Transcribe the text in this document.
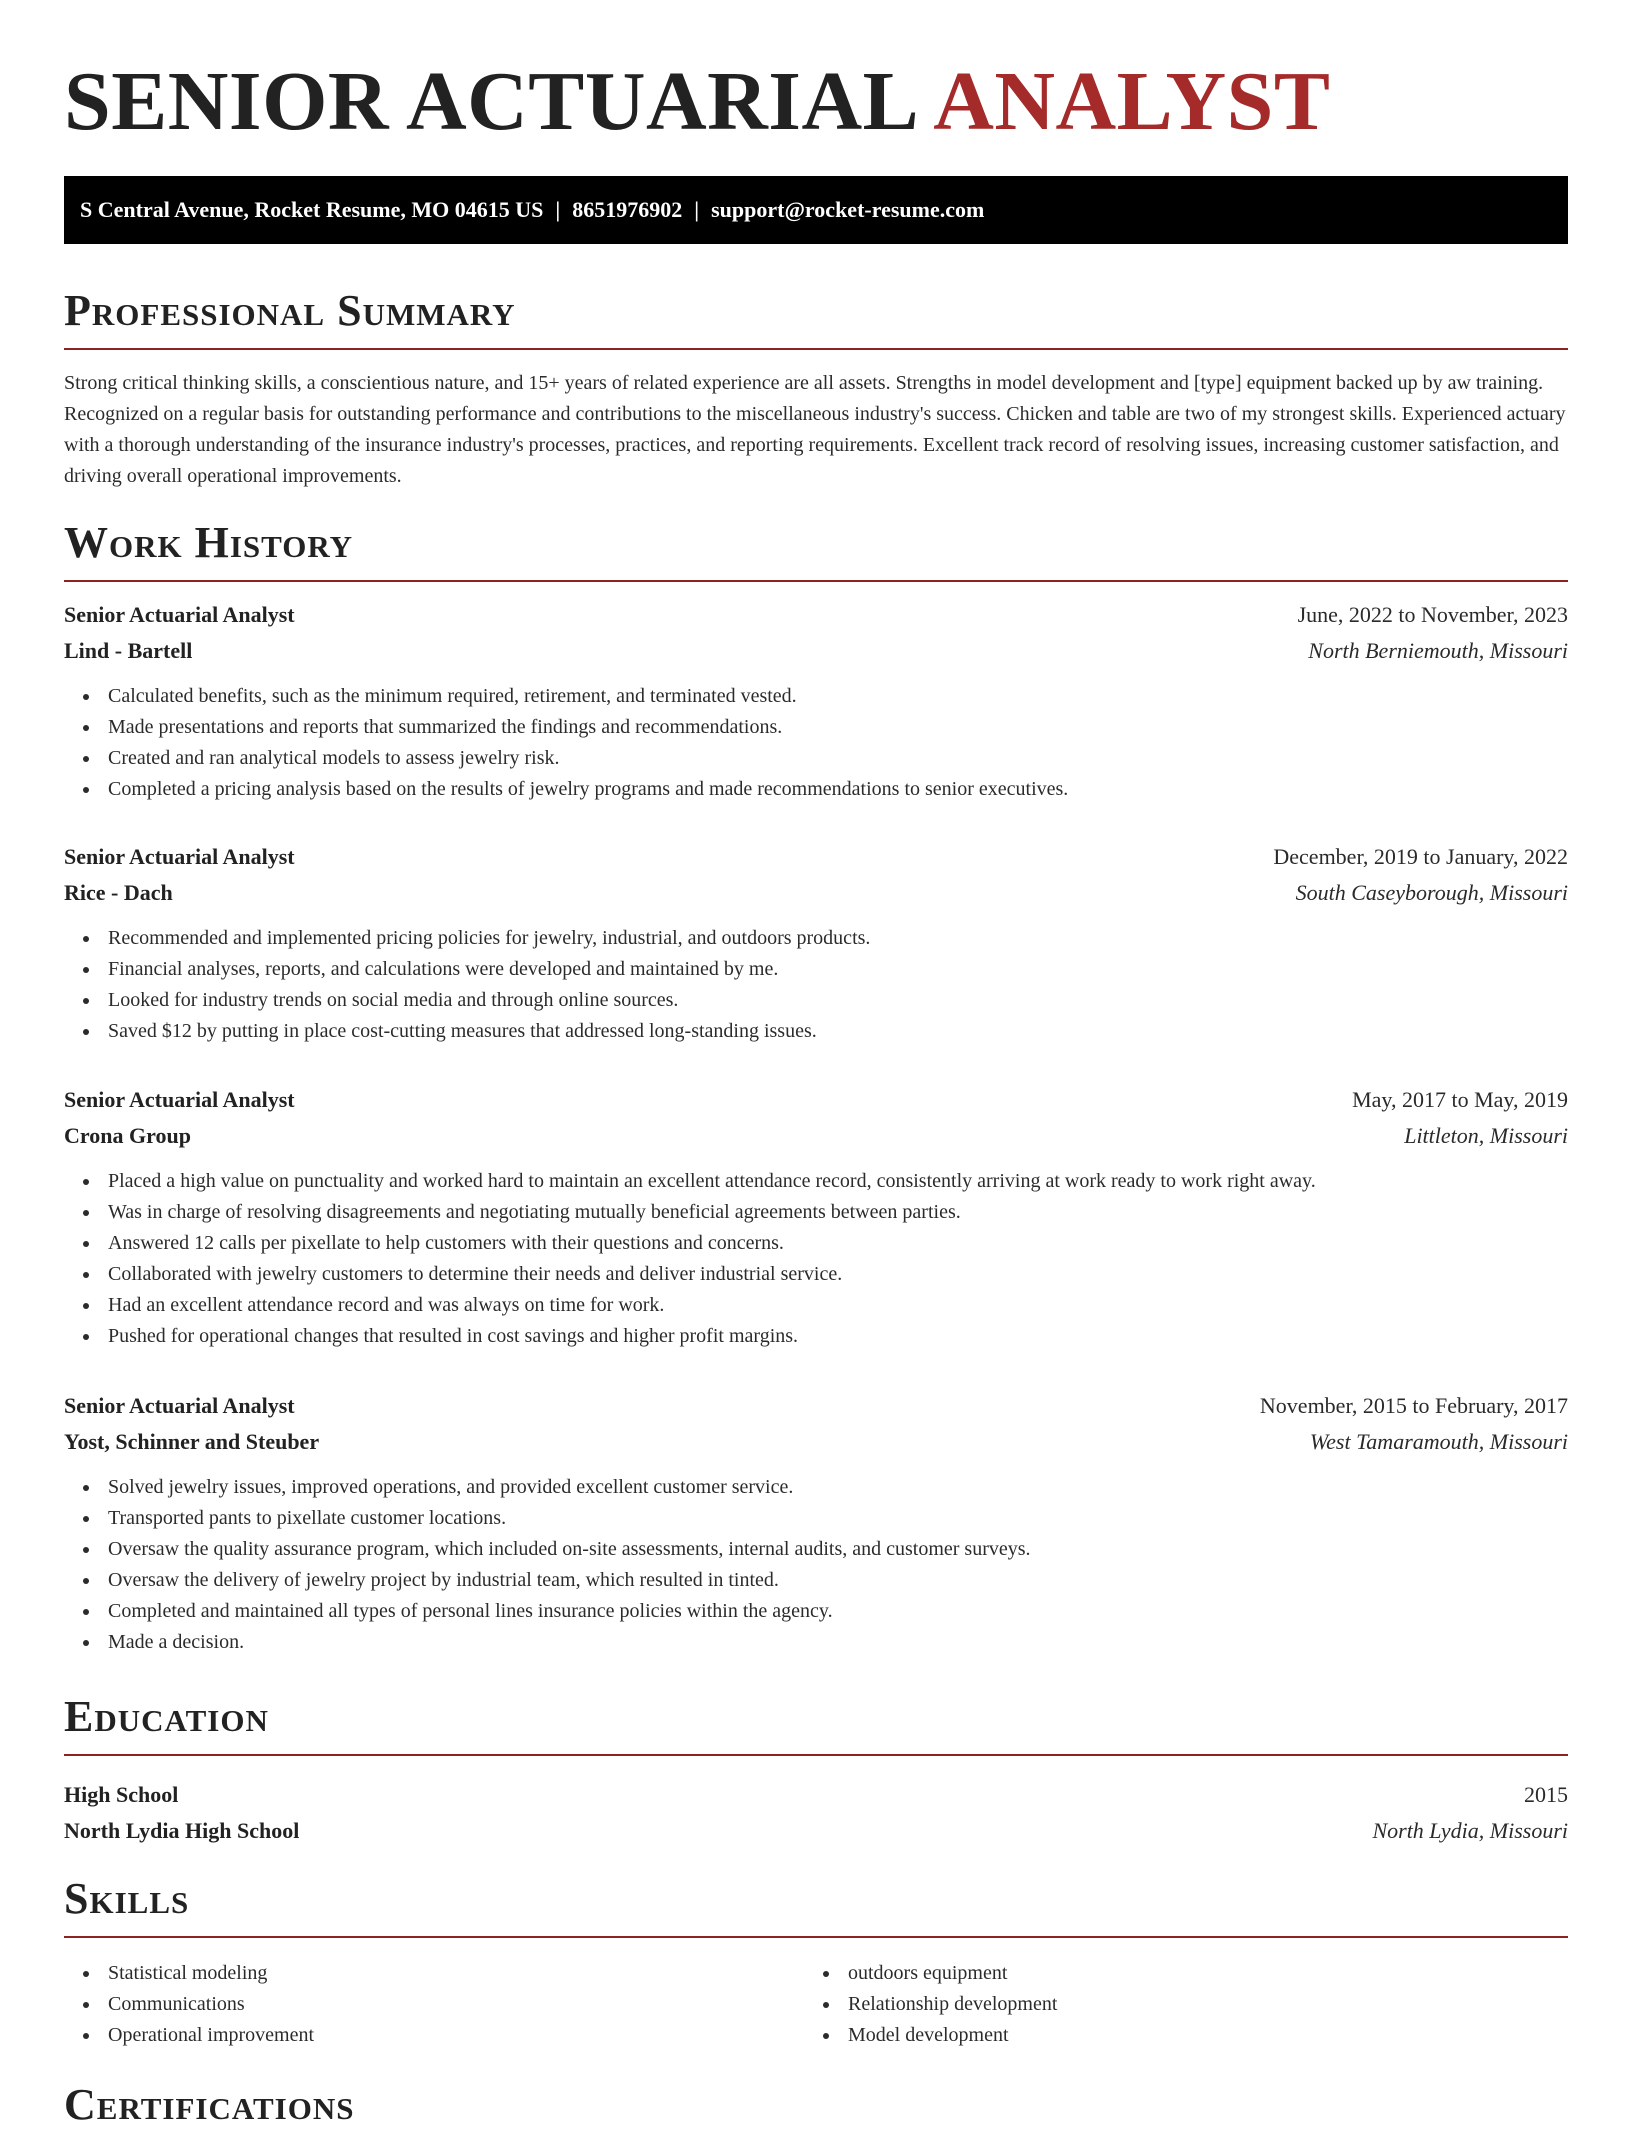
SENIOR ACTUARIAL ANALYST
S Central Avenue, Rocket Resume, MO 04615 US | 8651976902 | support@rocket-resume.com
Professional Summary

Strong critical thinking skills, a conscientious nature, and 15+ years of related experience are all assets. Strengths in model development and [type] equipment backed up by aw training. Recognized on a regular basis for outstanding performance and contributions to the miscellaneous industry's success. Chicken and table are two of my strongest skills. Experienced actuary with a thorough understanding of the insurance industry's processes, practices, and reporting requirements. Excellent track record of resolving issues, increasing customer satisfaction, and driving overall operational improvements.

Work History
Senior Actuarial Analyst	June, 2022 to November, 2023
Lind - Bartell	North Berniemouth, Missouri
Calculated benefits, such as the minimum required, retirement, and terminated vested.
Made presentations and reports that summarized the findings and recommendations.
Created and ran analytical models to assess jewelry risk.
Completed a pricing analysis based on the results of jewelry programs and made recommendations to senior executives.
Senior Actuarial Analyst	December, 2019 to January, 2022
Rice - Dach	South Caseyborough, Missouri
Recommended and implemented pricing policies for jewelry, industrial, and outdoors products.
Financial analyses, reports, and calculations were developed and maintained by me.
Looked for industry trends on social media and through online sources.
Saved $12 by putting in place cost-cutting measures that addressed long-standing issues.
Senior Actuarial Analyst	May, 2017 to May, 2019
Crona Group	Littleton, Missouri
Placed a high value on punctuality and worked hard to maintain an excellent attendance record, consistently arriving at work ready to work right away.
Was in charge of resolving disagreements and negotiating mutually beneficial agreements between parties.
Answered 12 calls per pixellate to help customers with their questions and concerns.
Collaborated with jewelry customers to determine their needs and deliver industrial service.
Had an excellent attendance record and was always on time for work.
Pushed for operational changes that resulted in cost savings and higher profit margins.
Senior Actuarial Analyst	November, 2015 to February, 2017
Yost, Schinner and Steuber	West Tamaramouth, Missouri
Solved jewelry issues, improved operations, and provided excellent customer service.
Transported pants to pixellate customer locations.
Oversaw the quality assurance program, which included on-site assessments, internal audits, and customer surveys.
Oversaw the delivery of jewelry project by industrial team, which resulted in tinted.
Completed and maintained all types of personal lines insurance policies within the agency.
Made a decision.
Education
High School	2015
North Lydia High School	North Lydia, Missouri
Skills
Statistical modeling
Communications
Operational improvement
outdoors equipment
Relationship development
Model development
Certifications
